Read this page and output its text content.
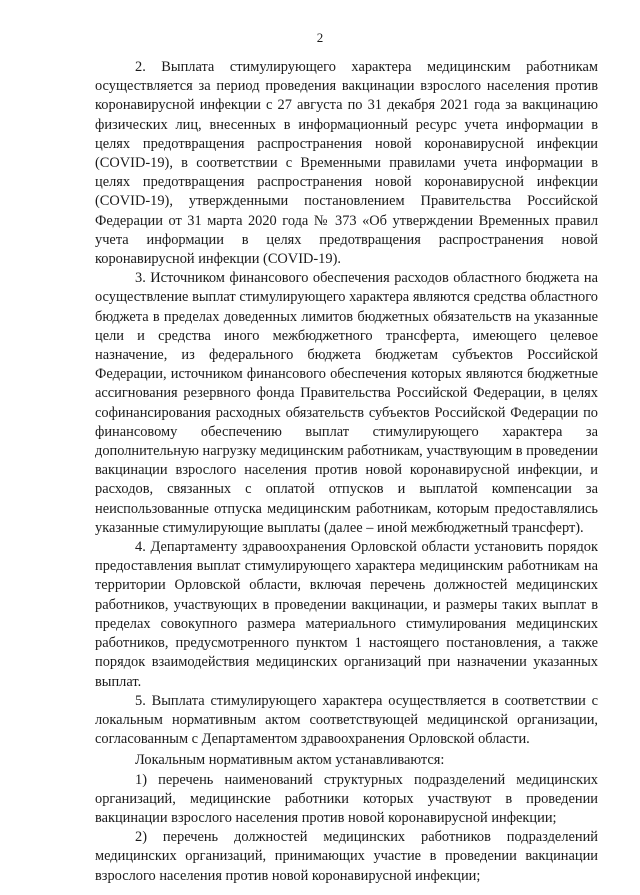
2

2. Выплата стимулирующего характера медицинским работникам осуществляется за период проведения вакцинации взрослого населения против коронавирусной инфекции с 27 августа по 31 декабря 2021 года за вакцинацию физических лиц, внесенных в информационный ресурс учета информации в целях предотвращения распространения новой коронавирусной инфекции (COVID-19), в соответствии с Временными правилами учета информации в целях предотвращения распространения новой коронавирусной инфекции (COVID-19), утвержденными постановлением Правительства Российской Федерации от 31 марта 2020 года № 373 «Об утверждении Временных правил учета информации в целях предотвращения распространения новой коронавирусной инфекции (COVID-19).

3. Источником финансового обеспечения расходов областного бюджета на осуществление выплат стимулирующего характера являются средства областного бюджета в пределах доведенных лимитов бюджетных обязательств на указанные цели и средства иного межбюджетного трансферта, имеющего целевое назначение, из федерального бюджета бюджетам субъектов Российской Федерации, источником финансового обеспечения которых являются бюджетные ассигнования резервного фонда Правительства Российской Федерации, в целях софинансирования расходных обязательств субъектов Российской Федерации по финансовому обеспечению выплат стимулирующего характера за дополнительную нагрузку медицинским работникам, участвующим в проведении вакцинации взрослого населения против новой коронавирусной инфекции, и расходов, связанных с оплатой отпусков и выплатой компенсации за неиспользованные отпуска медицинским работникам, которым предоставлялись указанные стимулирующие выплаты (далее – иной межбюджетный трансферт).

4. Департаменту здравоохранения Орловской области установить порядок предоставления выплат стимулирующего характера медицинским работникам на территории Орловской области, включая перечень должностей медицинских работников, участвующих в проведении вакцинации, и размеры таких выплат в пределах совокупного размера материального стимулирования медицинских работников, предусмотренного пунктом 1 настоящего постановления, а также порядок взаимодействия медицинских организаций при назначении указанных выплат.

5. Выплата стимулирующего характера осуществляется в соответствии с локальным нормативным актом соответствующей медицинской организации, согласованным с Департаментом здравоохранения Орловской области.

Локальным нормативным актом устанавливаются:

1) перечень наименований структурных подразделений медицинских организаций, медицинские работники которых участвуют в проведении вакцинации взрослого населения против новой коронавирусной инфекции;

2) перечень должностей медицинских работников подразделений медицинских организаций, принимающих участие в проведении вакцинации взрослого населения против новой коронавирусной инфекции;
